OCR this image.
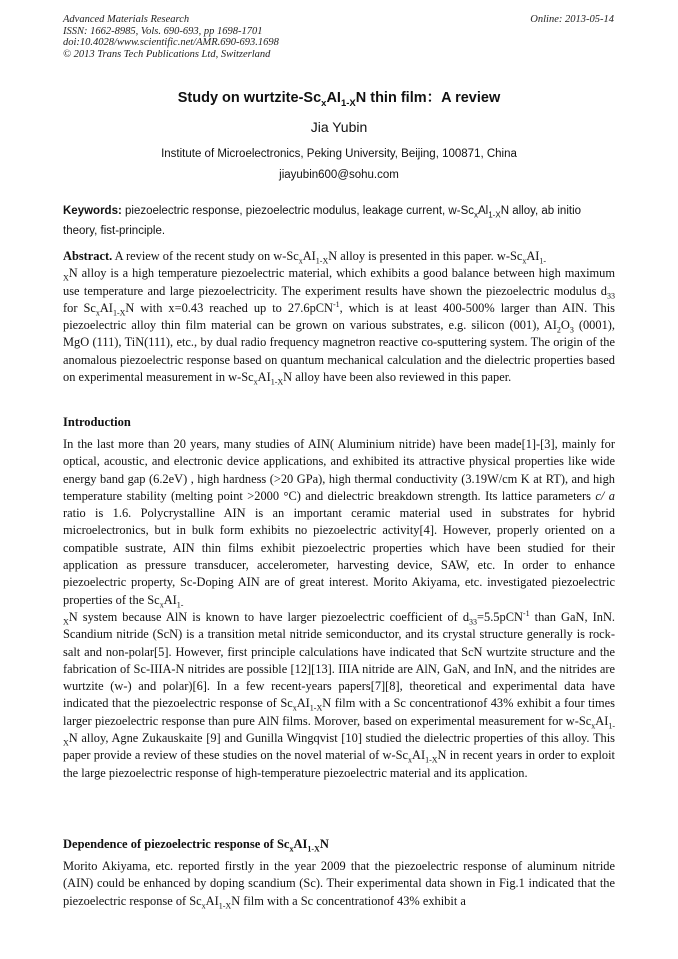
Advanced Materials Research
ISSN: 1662-8985, Vols. 690-693, pp 1698-1701
doi:10.4028/www.scientific.net/AMR.690-693.1698
© 2013 Trans Tech Publications Ltd, Switzerland
Online: 2013-05-14
Study on wurtzite-$Sc_xAI_{1-X}N$ thin film：A review
Jia Yubin
Institute of Microelectronics, Peking University, Beijing, 100871, China
jiayubin600@sohu.com
Keywords: piezoelectric response, piezoelectric modulus, leakage current, $w-Sc_xAl_{1-X}N$ alloy, ab initio theory, fist-principle.
Abstract. A review of the recent study on $w-Sc_xAI_{1-X}N$ alloy is presented in this paper. $w-Sc_xAI_{1-}$
$_X$N alloy is a high temperature piezoelectric material, which exhibits a good balance between high maximum use temperature and large piezoelectricity. The experiment results have shown the piezoelectric modulus $d_{33}$ for $Sc_xAI_{1-X}N$ with x=0.43 reached up to 27.6pCN$^{-1}$, which is at least 400-500% larger than AIN. This piezoelectric alloy thin film material can be grown on various substrates, e.g. silicon (001), $AI_2O_3$ (0001), MgO (111), TiN(111), etc., by dual radio frequency magnetron reactive co-sputtering system. The origin of the anomalous piezoelectric response based on quantum mechanical calculation and the dielectric properties based on experimental measurement in $w-Sc_xAI_{1-X}N$ alloy have been also reviewed in this paper.
Introduction
In the last more than 20 years, many studies of AIN( Aluminium nitride) have been made[1]-[3], mainly for optical, acoustic, and electronic device applications, and exhibited its attractive physical properties like wide energy band gap (6.2eV) , high hardness (>20 GPa), high thermal conductivity (3.19W/cm K at RT), and high temperature stability (melting point >2000 °C) and dielectric breakdown strength. Its lattice parameters c/ a ratio is 1.6. Polycrystalline AIN is an important ceramic material used in substrates for hybrid microelectronics, but in bulk form exhibits no piezoelectric activity[4]. However, properly oriented on a compatible sustrate, AIN thin films exhibit piezoelectric properties which have been studied for their application as pressure transducer, accelerometer, harvesting device, SAW, etc. In order to enhance piezoelectric property, Sc-Doping AIN are of great interest. Morito Akiyama, etc. investigated piezoelectric properties of the $Sc_xAI_{1-}$
$_X$N system because AlN is known to have larger piezoelectric coefficient of $d_{33}=5.5pCN^{-1}$ than GaN, InN. Scandium nitride (ScN) is a transition metal nitride semiconductor, and its crystal structure generally is rock-salt and non-polar[5]. However, first principle calculations have indicated that ScN wurtzite structure and the fabrication of Sc-IIIA-N nitrides are possible [12][13]. IIIA nitride are AlN, GaN, and InN, and the nitrides are wurtzite (w-) and polar)[6]. In a few recent-years papers[7][8], theoretical and experimental data have indicated that the piezoelectric response of $Sc_xAI_{1-X}N$ film with a Sc concentrationof 43% exhibit a four times larger piezoelectric response than pure AlN films. Morover, based on experimental measurement for $w-Sc_xAI_{1-X}N$ alloy, Agne Zukauskaite [9] and Gunilla Wingqvist [10] studied the dielectric properties of this alloy. This paper provide a review of these studies on the novel material of $w-Sc_xAI_{1-X}N$ in recent years in order to exploit the large piezoelectric response of high-temperature piezoelectric material and its application.
Dependence of piezoelectric response of $Sc_xAI_{1-X}N$
Morito Akiyama, etc. reported firstly in the year 2009 that the piezoelectric response of aluminum nitride (AIN) could be enhanced by doping scandium (Sc). Their experimental data shown in Fig.1 indicated that the piezoelectric response of $Sc_xAI_{1-X}N$ film with a Sc concentrationof 43% exhibit a
